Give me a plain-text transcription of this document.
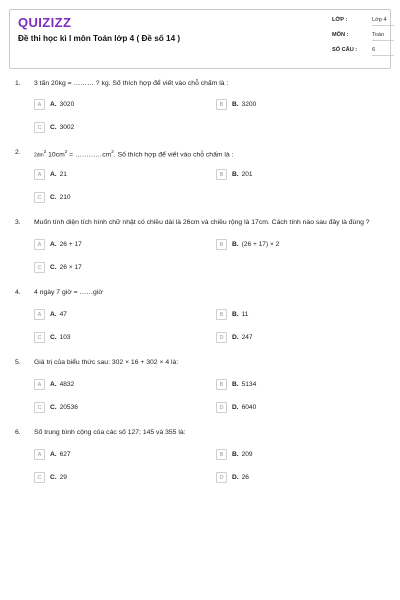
QUIZIZZ
Đề thi học kì I môn Toán lớp 4 ( Đề số 14 )
LỚP :	Lớp 4
MÔN :	Toán
SỐ CÂU :	6
1. 3 tấn 20kg = ……… ? kg. Số thích hợp để viết vào chỗ chấm là :
A	A. 3020	B	B. 3200
C	C. 3002
2.	$2dm^2$ $10cm^2$ = $\dots\dots\dots\dots cm^2$. Số thích hợp để viết vào chỗ chấm là :
A	A. 21	B	B. 201
C	C. 210
3. Muốn tính diện tích hình chữ nhật có chiều dài là 26cm và chiều rộng là 17cm. Cách tính nào sau đây là đúng ?
A	A. 26 + 17	B	B. (26 + 17) × 2
C	C. 26 × 17
4. 4 ngày 7 giờ = ……giờ
A	A. 47	B	B. 11
C	C. 103	D	D. 247
5. Giá trị của biểu thức sau: 302 × 16 + 302 × 4 là:
A	A. 4832	B	B. 5134
C	C. 20536	D	D. 6040
6. Số trung bình cộng của các số 127; 145 và 355 là:
A	A. 627	B	B. 209
C	C. 29	D	D. 26
